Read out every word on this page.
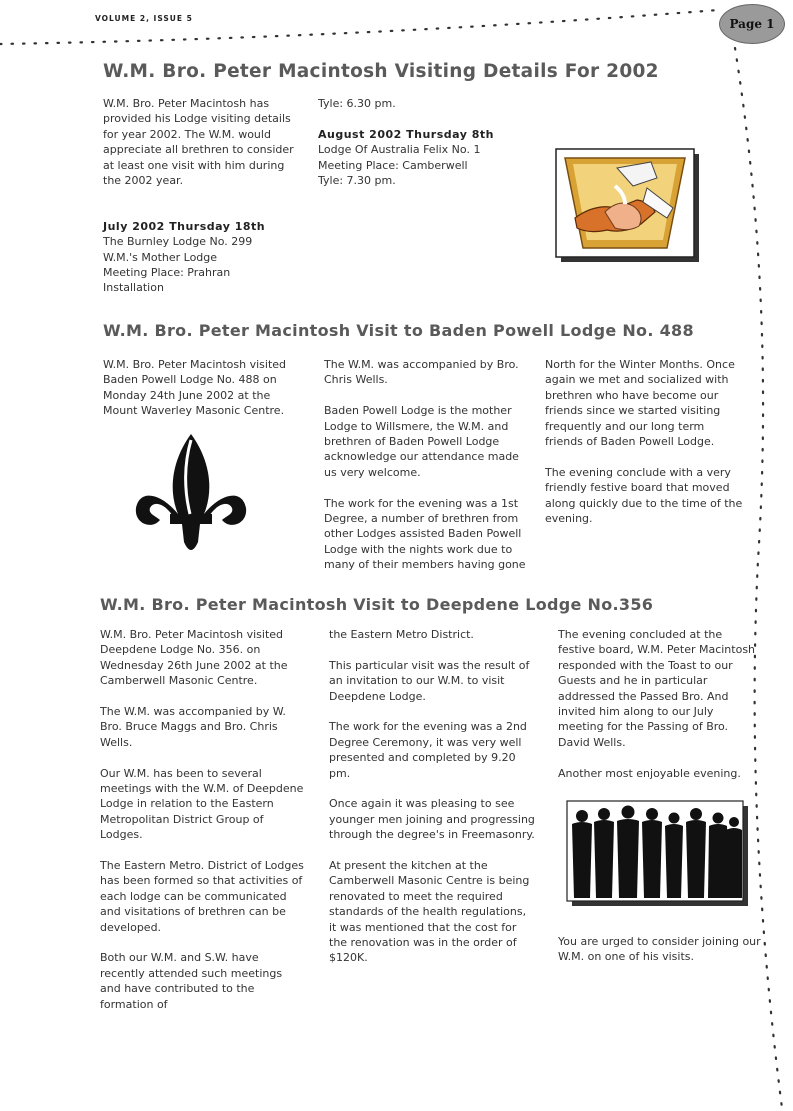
VOLUME 2, ISSUE 5	Page 1
W.M. Bro. Peter Macintosh Visiting Details For 2002

W.M. Bro. Peter Macintosh has provided his Lodge visiting details for year 2002. The W.M. would appreciate all brethren to consider at least one visit with him during the 2002 year.

July 2002 Thursday 18th
The Burnley Lodge No. 299
W.M.'s Mother Lodge
Meeting Place: Prahran
Installation

Tyle: 6.30 pm.

August 2002 Thursday 8th
Lodge Of Australia Felix No. 1
Meeting Place: Camberwell
Tyle: 7.30 pm.
W.M. Bro. Peter Macintosh Visit to Baden Powell Lodge No. 488

W.M. Bro. Peter Macintosh visited Baden Powell Lodge No. 488 on Monday 24th June 2002 at the Mount Waverley Masonic Centre.

The W.M. was accompanied by Bro. Chris Wells.

Baden Powell Lodge is the mother Lodge to Willsmere, the W.M. and brethren of Baden Powell Lodge acknowledge our attendance made us very welcome.

The work for the evening was a 1st Degree, a number of brethren from other Lodges assisted Baden Powell Lodge with the nights work due to many of their members having gone

North for the Winter Months. Once again we met and socialized with brethren who have become our friends since we started visiting frequently and our long term friends of Baden Powell Lodge.

The evening conclude with a very friendly festive board that moved along quickly due to the time of the evening.

W.M. Bro. Peter Macintosh Visit to Deepdene Lodge No.356

W.M. Bro. Peter Macintosh visited Deepdene Lodge No. 356. on Wednesday 26th June 2002 at the Camberwell Masonic Centre.

The W.M. was accompanied by W. Bro. Bruce Maggs and Bro. Chris Wells.

Our W.M. has been to several meetings with the W.M. of Deepdene Lodge in relation to the Eastern Metropolitan District Group of Lodges.

The Eastern Metro. District of Lodges has been formed so that activities of each lodge can be communicated and visitations of brethren can be developed.

Both our W.M. and S.W. have recently attended such meetings and have contributed to the formation of

the Eastern Metro District.

This particular visit was the result of an invitation to our W.M. to visit Deepdene Lodge.

The work for the evening was a 2nd Degree Ceremony, it was very well presented and completed by 9.20 pm.

Once again it was pleasing to see younger men joining and progressing through the degree's in Freemasonry.

At present the kitchen at the Camberwell Masonic Centre is being renovated to meet the required standards of the health regulations, it was mentioned that the cost for the renovation was in the order of $120K.

The evening concluded at the festive board, W.M. Peter Macintosh responded with the Toast to our Guests and he in particular addressed the Passed Bro. And invited him along to our July meeting for the Passing of Bro. David Wells.

Another most enjoyable evening.

You are urged to consider joining our W.M. on one of his visits.
